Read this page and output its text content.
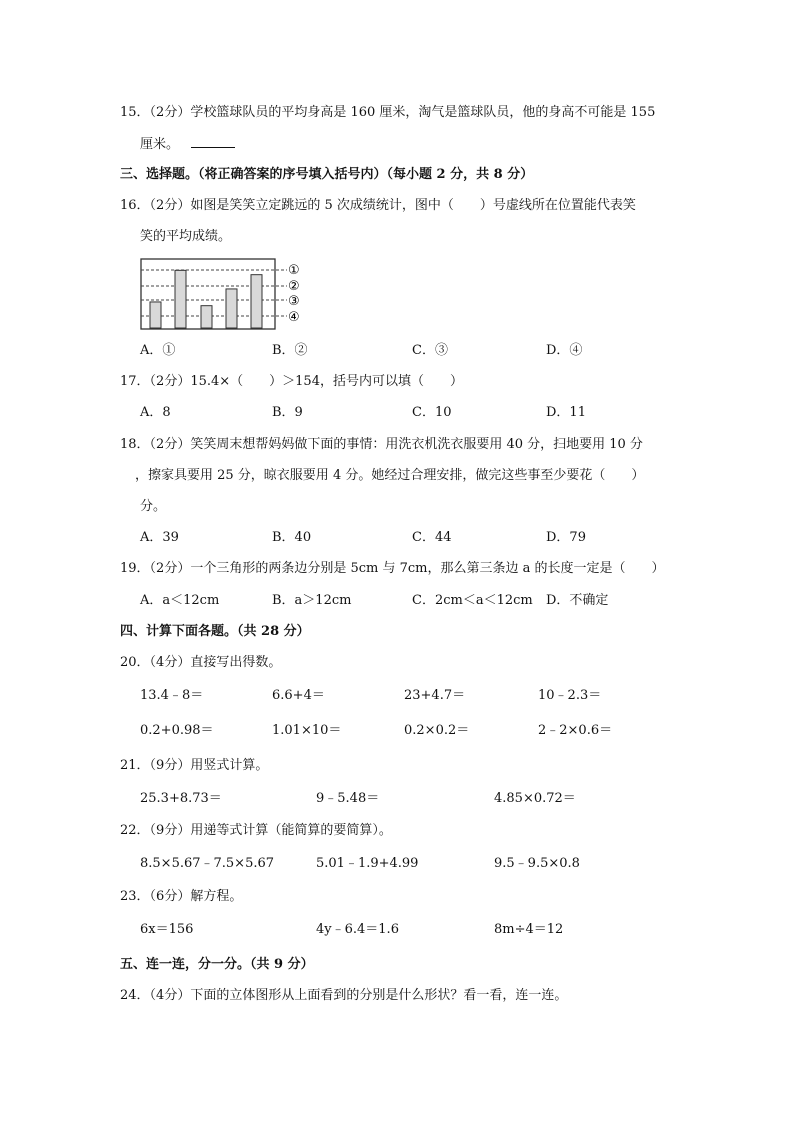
15．（2分）学校篮球队员的平均身高是 160 厘米，淘气是篮球队员，他的身高不可能是 155
厘米。
三、选择题。（将正确答案的序号填入括号内）（每小题 2 分，共 8 分）
16．（2分）如图是笑笑立定跳远的 5 次成绩统计，图中（　　）号虚线所在位置能代表笑
笑的平均成绩。
①
②
③
④
A．①	B．②	C．③	D．④
17．（2分）15.4×（　　）＞154，括号内可以填（　　）
A．8	B．9	C．10	D．11
18．（2分）笑笑周末想帮妈妈做下面的事情：用洗衣机洗衣服要用 40 分，扫地要用 10 分
，擦家具要用 25 分，晾衣服要用 4 分。她经过合理安排，做完这些事至少要花（　　）
分。
A．39	B．40	C．44	D．79
19．（2分）一个三角形的两条边分别是 5cm 与 7cm，那么第三条边 a 的长度一定是（　　）
A．a＜12cm	B．a＞12cm	C．2cm＜a＜12cm D．不确定
四、计算下面各题。（共 28 分）
20．（4分）直接写出得数。
13.4﹣8＝	6.6+4＝	23+4.7＝	10﹣2.3＝
0.2+0.98＝	1.01×10＝	0.2×0.2＝	2﹣2×0.6＝
21．（9分）用竖式计算。
25.3+8.73＝	9﹣5.48＝	4.85×0.72＝
22．（9分）用递等式计算（能简算的要简算）。
8.5×5.67﹣7.5×5.67	5.01﹣1.9+4.99	9.5﹣9.5×0.8
23．（6分）解方程。
6x＝156	4y﹣6.4＝1.6	8m÷4＝12
五、连一连，分一分。（共 9 分）
24．（4分）下面的立体图形从上面看到的分别是什么形状？看一看，连一连。
